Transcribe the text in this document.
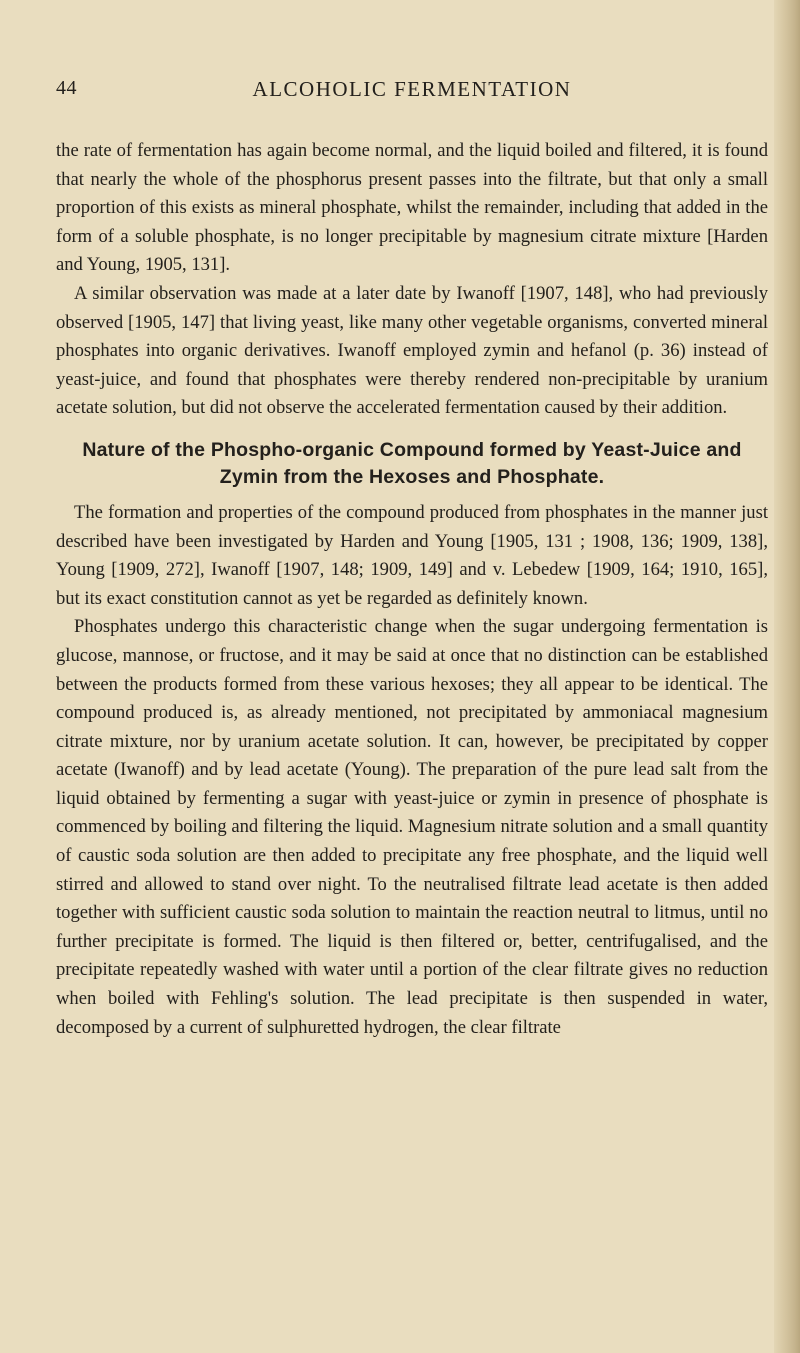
44	ALCOHOLIC FERMENTATION

the rate of fermentation has again become normal, and the liquid boiled and filtered, it is found that nearly the whole of the phosphorus present passes into the filtrate, but that only a small proportion of this exists as mineral phosphate, whilst the remainder, including that added in the form of a soluble phosphate, is no longer precipitable by magnesium citrate mixture [Harden and Young, 1905, 131].

A similar observation was made at a later date by Iwanoff [1907, 148], who had previously observed [1905, 147] that living yeast, like many other vegetable organisms, converted mineral phosphates into organic derivatives. Iwanoff employed zymin and hefanol (p. 36) instead of yeast-juice, and found that phosphates were thereby rendered non-precipitable by uranium acetate solution, but did not observe the accelerated fermentation caused by their addition.

Nature of the Phospho-organic Compound formed by Yeast-Juice and Zymin from the Hexoses and Phosphate.

The formation and properties of the compound produced from phosphates in the manner just described have been investigated by Harden and Young [1905, 131 ; 1908, 136; 1909, 138], Young [1909, 272], Iwanoff [1907, 148; 1909, 149] and v. Lebedew [1909, 164; 1910, 165], but its exact constitution cannot as yet be regarded as definitely known.

Phosphates undergo this characteristic change when the sugar undergoing fermentation is glucose, mannose, or fructose, and it may be said at once that no distinction can be established between the products formed from these various hexoses; they all appear to be identical. The compound produced is, as already mentioned, not precipitated by ammoniacal magnesium citrate mixture, nor by uranium acetate solution. It can, however, be precipitated by copper acetate (Iwanoff) and by lead acetate (Young). The preparation of the pure lead salt from the liquid obtained by fermenting a sugar with yeast-juice or zymin in presence of phosphate is commenced by boiling and filtering the liquid. Magnesium nitrate solution and a small quantity of caustic soda solution are then added to precipitate any free phosphate, and the liquid well stirred and allowed to stand over night. To the neutralised filtrate lead acetate is then added together with sufficient caustic soda solution to maintain the reaction neutral to litmus, until no further precipitate is formed. The liquid is then filtered or, better, centrifugalised, and the precipitate repeatedly washed with water until a portion of the clear filtrate gives no reduction when boiled with Fehling's solution. The lead precipitate is then suspended in water, decomposed by a current of sulphuretted hydrogen, the clear filtrate
